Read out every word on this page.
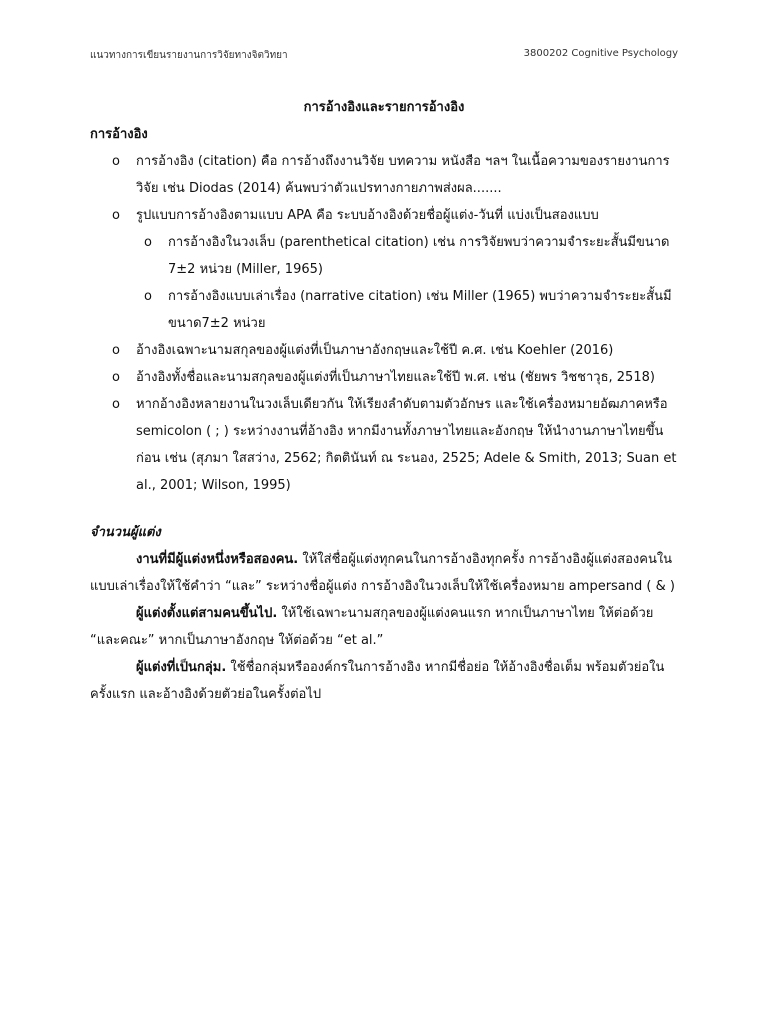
แนวทางการเขียนรายงานการวิจัยทางจิตวิทยา	3800202 Cognitive Psychology
การอ้างอิงและรายการอ้างอิง
การอ้างอิง
o การอ้างอิง (citation) คือ การอ้างถึงงานวิจัย บทความ หนังสือ ฯลฯ ในเนื้อความของรายงานการวิจัย เช่น Diodas (2014) ค้นพบว่าตัวแปรทางกายภาพส่งผล.......
o รูปแบบการอ้างอิงตามแบบ APA คือ ระบบอ้างอิงด้วยชื่อผู้แต่ง-วันที่ แบ่งเป็นสองแบบ
o การอ้างอิงในวงเล็บ (parenthetical citation) เช่น การวิจัยพบว่าความจำระยะสั้นมีขนาด 7±2 หน่วย (Miller, 1965)
o การอ้างอิงแบบเล่าเรื่อง (narrative citation) เช่น Miller (1965) พบว่าความจำระยะสั้นมีขนาด7±2 หน่วย
o อ้างอิงเฉพาะนามสกุลของผู้แต่งที่เป็นภาษาอังกฤษและใช้ปี ค.ศ. เช่น Koehler (2016)
o อ้างอิงทั้งชื่อและนามสกุลของผู้แต่งที่เป็นภาษาไทยและใช้ปี พ.ศ. เช่น (ชัยพร วิชชาวุธ, 2518)
o หากอ้างอิงหลายงานในวงเล็บเดียวกัน ให้เรียงลำดับตามตัวอักษร และใช้เครื่องหมายอัฒภาคหรือ semicolon ( ; ) ระหว่างงานที่อ้างอิง หากมีงานทั้งภาษาไทยและอังกฤษ ให้นำงานภาษาไทยขึ้นก่อน เช่น (สุภมา ใสสว่าง, 2562; กิตตินันท์ ณ ระนอง, 2525; Adele & Smith, 2013; Suan et al., 2001; Wilson, 1995)
จำนวนผู้แต่ง
งานที่มีผู้แต่งหนึ่งหรือสองคน. ให้ใส่ชื่อผู้แต่งทุกคนในการอ้างอิงทุกครั้ง การอ้างอิงผู้แต่งสองคนในแบบเล่าเรื่องให้ใช้คำว่า “และ” ระหว่างชื่อผู้แต่ง การอ้างอิงในวงเล็บให้ใช้เครื่องหมาย ampersand ( & )
ผู้แต่งตั้งแต่สามคนขึ้นไป. ให้ใช้เฉพาะนามสกุลของผู้แต่งคนแรก หากเป็นภาษาไทย ให้ต่อด้วย “และคณะ” หากเป็นภาษาอังกฤษ ให้ต่อด้วย “et al.”
ผู้แต่งที่เป็นกลุ่ม. ใช้ชื่อกลุ่มหรือองค์กรในการอ้างอิง หากมีชื่อย่อ ให้อ้างอิงชื่อเต็ม พร้อมตัวย่อในครั้งแรก และอ้างอิงด้วยตัวย่อในครั้งต่อไป
